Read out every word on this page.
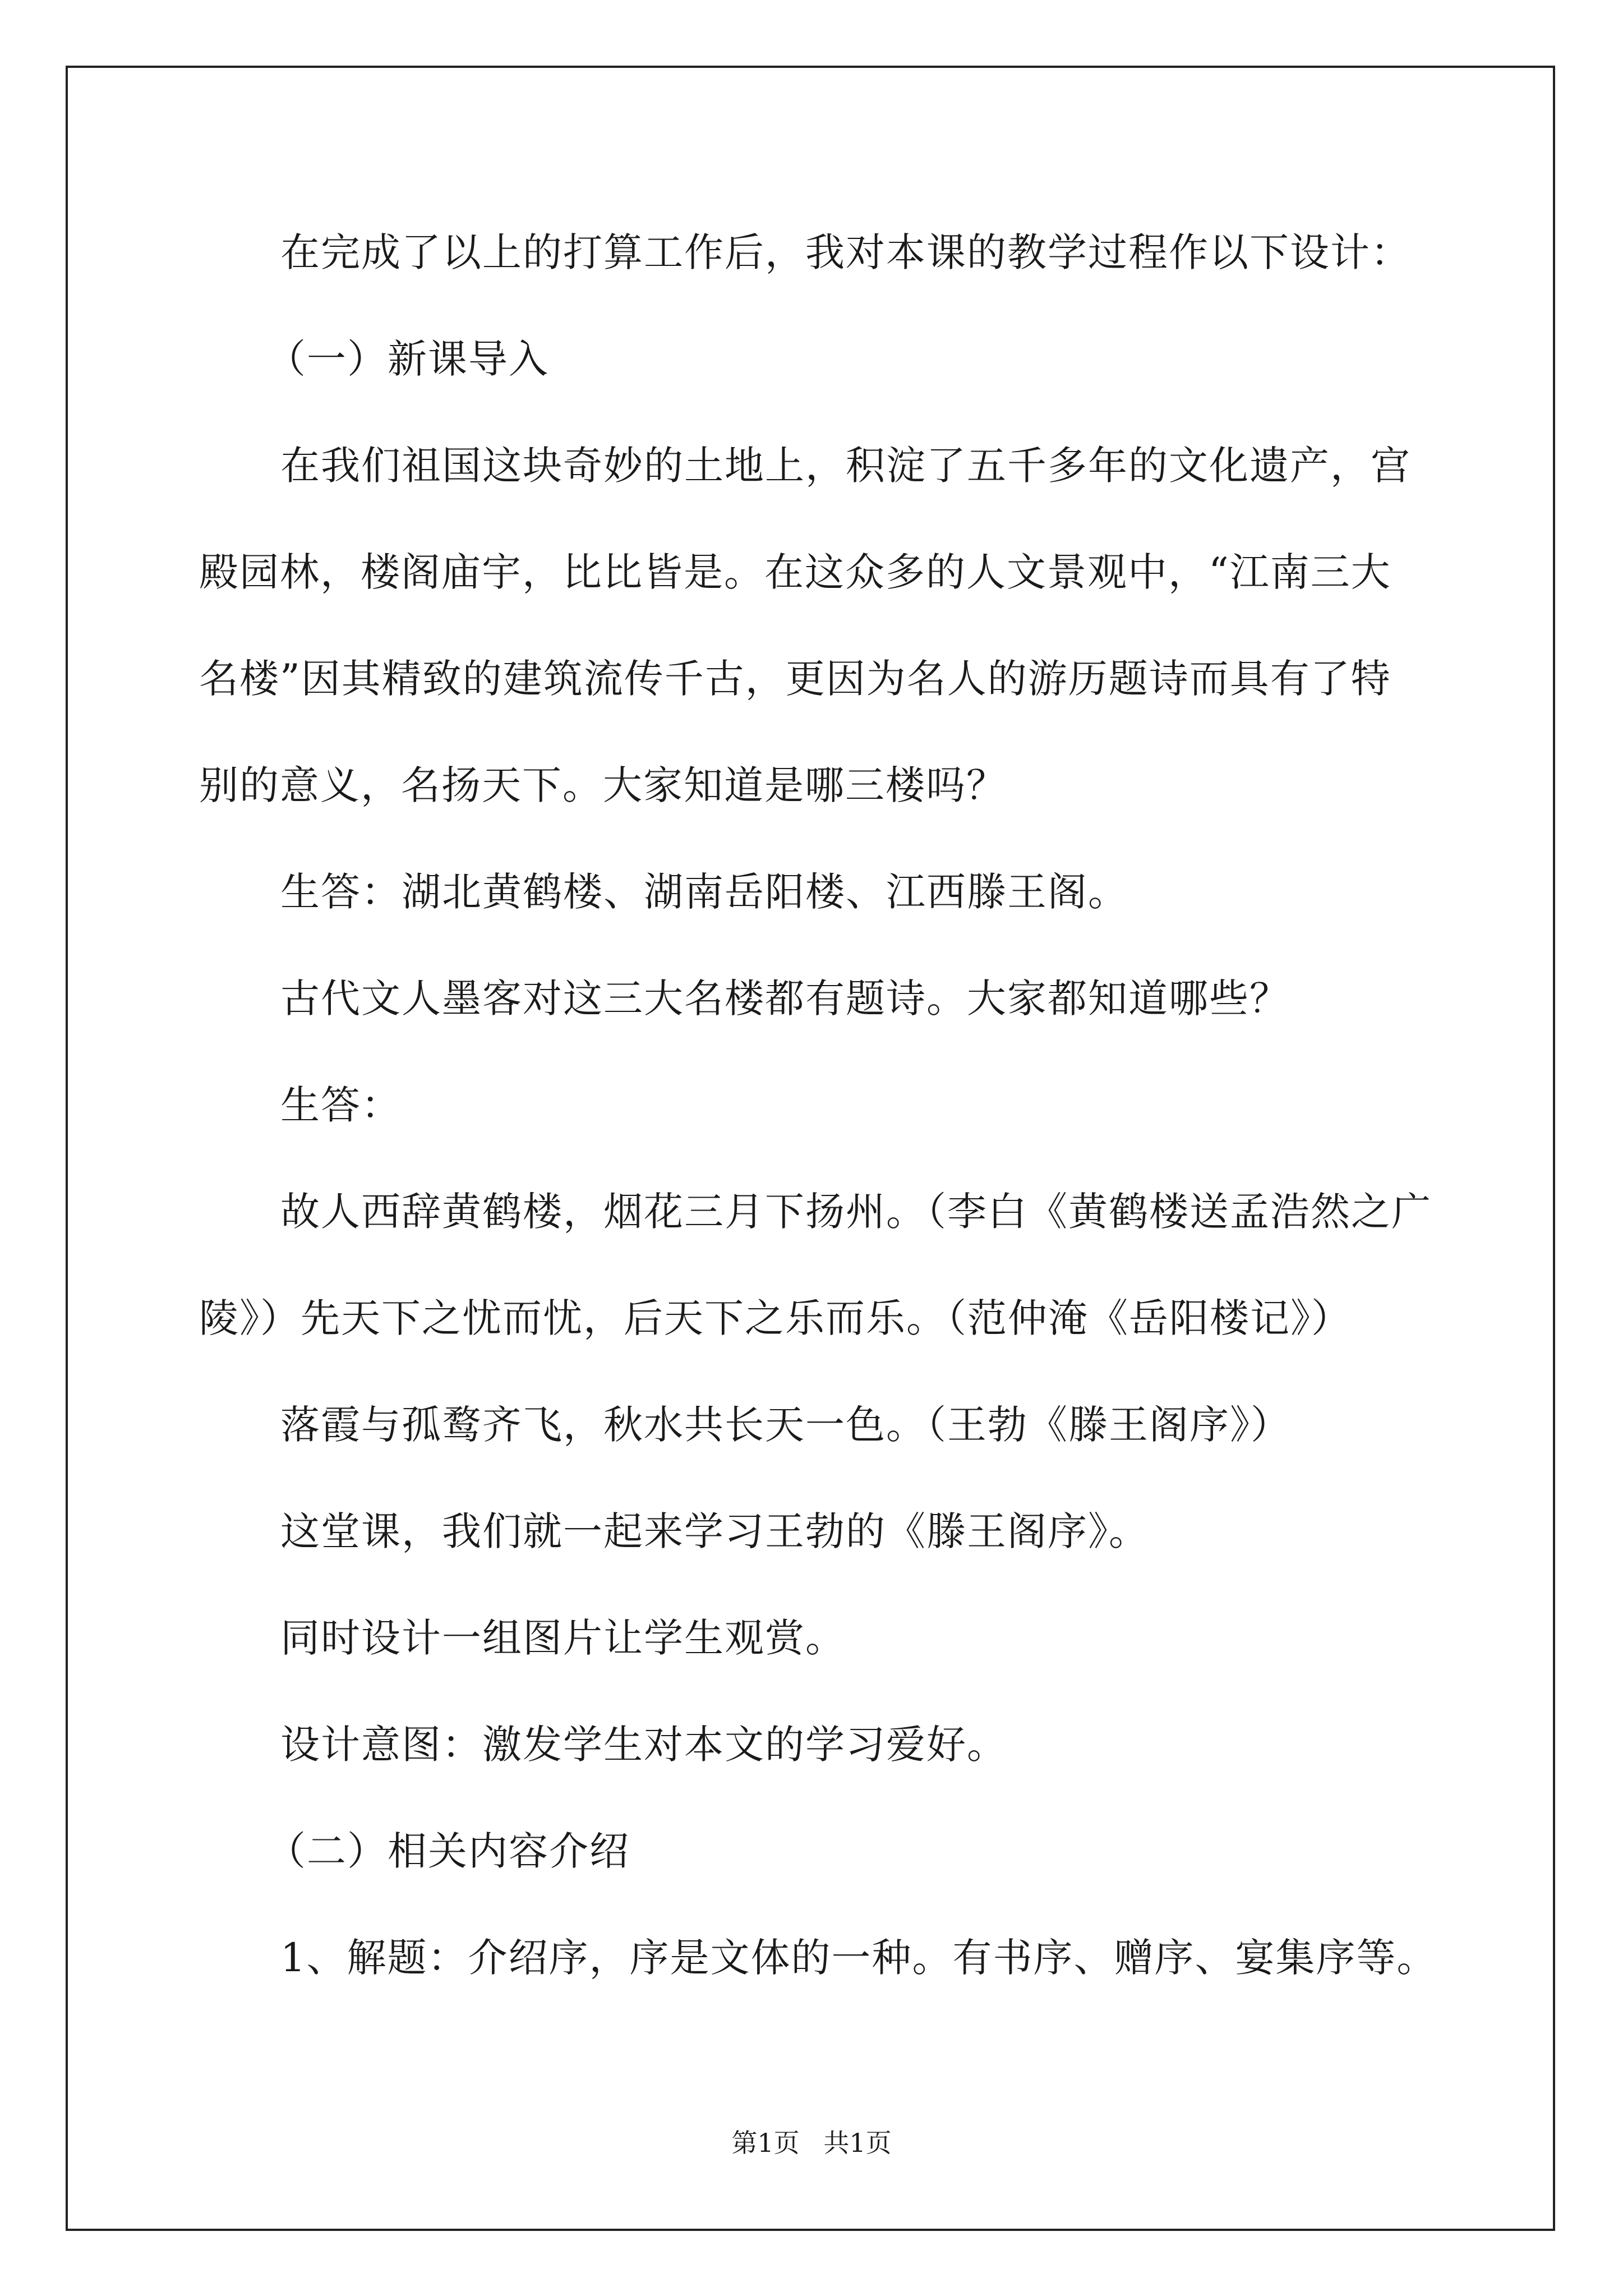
在完成了以上的打算工作后，我对本课的教学过程作以下设计：
（一）新课导入
在我们祖国这块奇妙的土地上，积淀了五千多年的文化遗产，宫
殿园林，楼阁庙宇，比比皆是。在这众多的人文景观中，“江南三大
名楼”因其精致的建筑流传千古，更因为名人的游历题诗而具有了特
别的意义，名扬天下。大家知道是哪三楼吗？
生答：湖北黄鹤楼、湖南岳阳楼、江西滕王阁。
古代文人墨客对这三大名楼都有题诗。大家都知道哪些？
生答：
故人西辞黄鹤楼，烟花三月下扬州。（李白《黄鹤楼送孟浩然之广
陵》）先天下之忧而忧，后天下之乐而乐。（范仲淹《岳阳楼记》）
落霞与孤鹜齐飞，秋水共长天一色。（王勃《滕王阁序》）
这堂课，我们就一起来学习王勃的《滕王阁序》。
同时设计一组图片让学生观赏。
设计意图：激发学生对本文的学习爱好。
（二）相关内容介绍
1、解题：介绍序，序是文体的一种。有书序、赠序、宴集序等。
第1页 共1页
